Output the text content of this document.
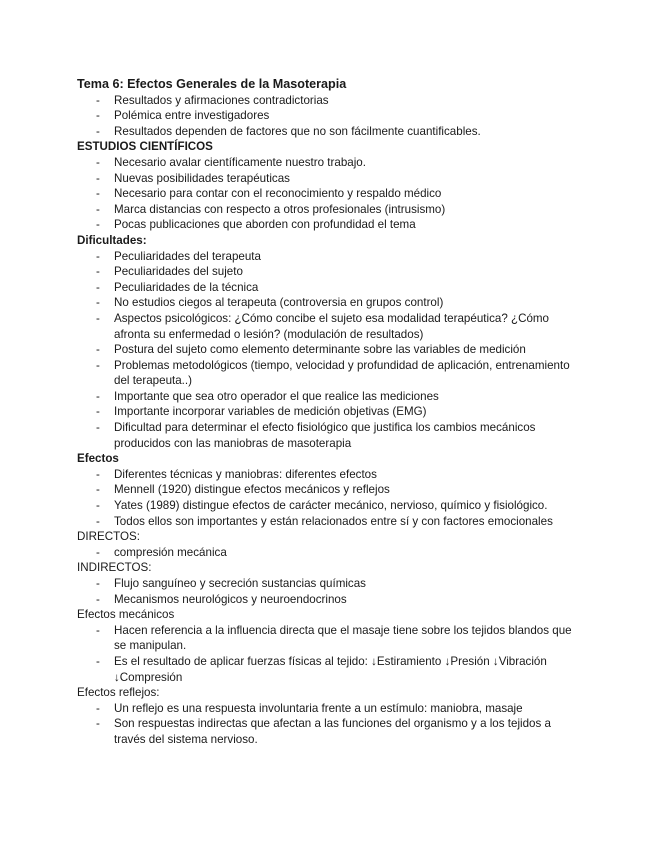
Tema 6: Efectos Generales de la Masoterapia

- Resultados y afirmaciones contradictorias
- Polémica entre investigadores
- Resultados dependen de factores que no son fácilmente cuantificables.

ESTUDIOS CIENTÍFICOS

- Necesario avalar científicamente nuestro trabajo.
- Nuevas posibilidades terapéuticas
- Necesario para contar con el reconocimiento y respaldo médico
- Marca distancias con respecto a otros profesionales (intrusismo)
- Pocas publicaciones que aborden con profundidad el tema

Dificultades:

- Peculiaridades del terapeuta
- Peculiaridades del sujeto
- Peculiaridades de la técnica
- No estudios ciegos al terapeuta (controversia en grupos control)
- Aspectos psicológicos: ¿Cómo concibe el sujeto esa modalidad terapéutica? ¿Cómo afronta su enfermedad o lesión? (modulación de resultados)
- Postura del sujeto como elemento determinante sobre las variables de medición
- Problemas metodológicos (tiempo, velocidad y profundidad de aplicación, entrenamiento del terapeuta..)
- Importante que sea otro operador el que realice las mediciones
- Importante incorporar variables de medición objetivas (EMG)
- Dificultad para determinar el efecto fisiológico que justifica los cambios mecánicos producidos con las maniobras de masoterapia

Efectos

- Diferentes técnicas y maniobras: diferentes efectos
- Mennell (1920) distingue efectos mecánicos y reflejos
- Yates (1989) distingue efectos de carácter mecánico, nervioso, químico y fisiológico.
- Todos ellos son importantes y están relacionados entre sí y con factores emocionales

DIRECTOS:

- compresión mecánica

INDIRECTOS:

- Flujo sanguíneo y secreción sustancias químicas
- Mecanismos neurológicos y neuroendocrinos

Efectos mecánicos

- Hacen referencia a la influencia directa que el masaje tiene sobre los tejidos blandos que se manipulan.
- Es el resultado de aplicar fuerzas físicas al tejido: ↓Estiramiento ↓Presión ↓Vibración ↓Compresión

Efectos reflejos:

- Un reflejo es una respuesta involuntaria frente a un estímulo: maniobra, masaje
- Son respuestas indirectas que afectan a las funciones del organismo y a los tejidos a través del sistema nervioso.
